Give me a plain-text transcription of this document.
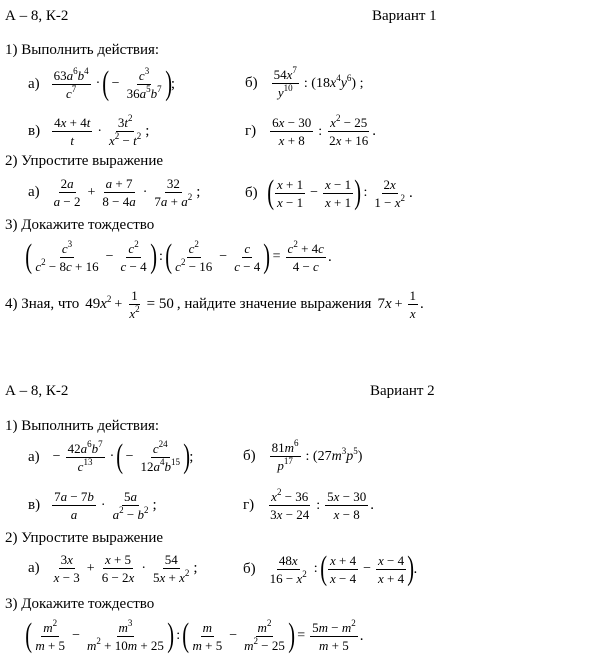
А – 8, К-2	Вариант 1
1) Выполнить действия:
$а) \frac{63a^6b^4}{c^7}$ · ( − $\frac{c^3}{36a^5b^7}$ ) ;	$б) \frac{54x^7}{y^{10}}$ : $(18x^4y^6)$ ;
$в) \frac{4x + 4t}{t} \cdot \frac{3t^2}{x^2 - t^2}$ ;	$г) \frac{6x - 30}{x + 8}$ : $\frac{x^2 - 25}{2x + 16}$ .
2) Упростите выражение
$а) \frac{2a}{a - 2} + \frac{a + 7}{8 - 4a} \cdot \frac{32}{7a + a^2}$ ;	б) ( $\frac{x + 1}{x - 1} - \frac{x - 1}{x + 1}$ ) : $\frac{2x}{1 - x^2}$ .
3) Докажите тождество
( $\frac{c^3}{c^2 - 8c + 16} - \frac{c^2}{c - 4}$ ) : ( $\frac{c^2}{c^2 - 16} - \frac{c}{c - 4}$ ) = $\frac{c^2 + 4c}{4 - c}$ .
4) Зная, что $49x^2 + \frac{1}{x^2} = 50$ , найдите значение выражения $7x + \frac{1}{x}$ .
А – 8, К-2	Вариант 2
1) Выполнить действия:
$а) - \frac{42a^6b^7}{c^{13}}$ · ( − $\frac{c^{24}}{12a^4b^{15}}$ ) ;	$б) \frac{81m^6}{p^{17}}$ : $(27m^3p^5)$
$в) \frac{7a - 7b}{a} \cdot \frac{5a}{a^2 - b^2}$ ;	$г) \frac{x^2 - 36}{3x - 24}$ : $\frac{5x - 30}{x - 8}$ .
2) Упростите выражение
$а) \frac{3x}{x - 3} + \frac{x + 5}{6 - 2x} \cdot \frac{54}{5x + x^2}$ ;	$б) \frac{48x}{16 - x^2}$ : ( $\frac{x + 4}{x - 4} - \frac{x - 4}{x + 4}$ ) .
3) Докажите тождество
( $\frac{m^2}{m + 5} - \frac{m^3}{m^2 + 10m + 25}$ ) : ( $\frac{m}{m + 5} - \frac{m^2}{m^2 - 25}$ ) = $\frac{5m - m^2}{m + 5}$ .
